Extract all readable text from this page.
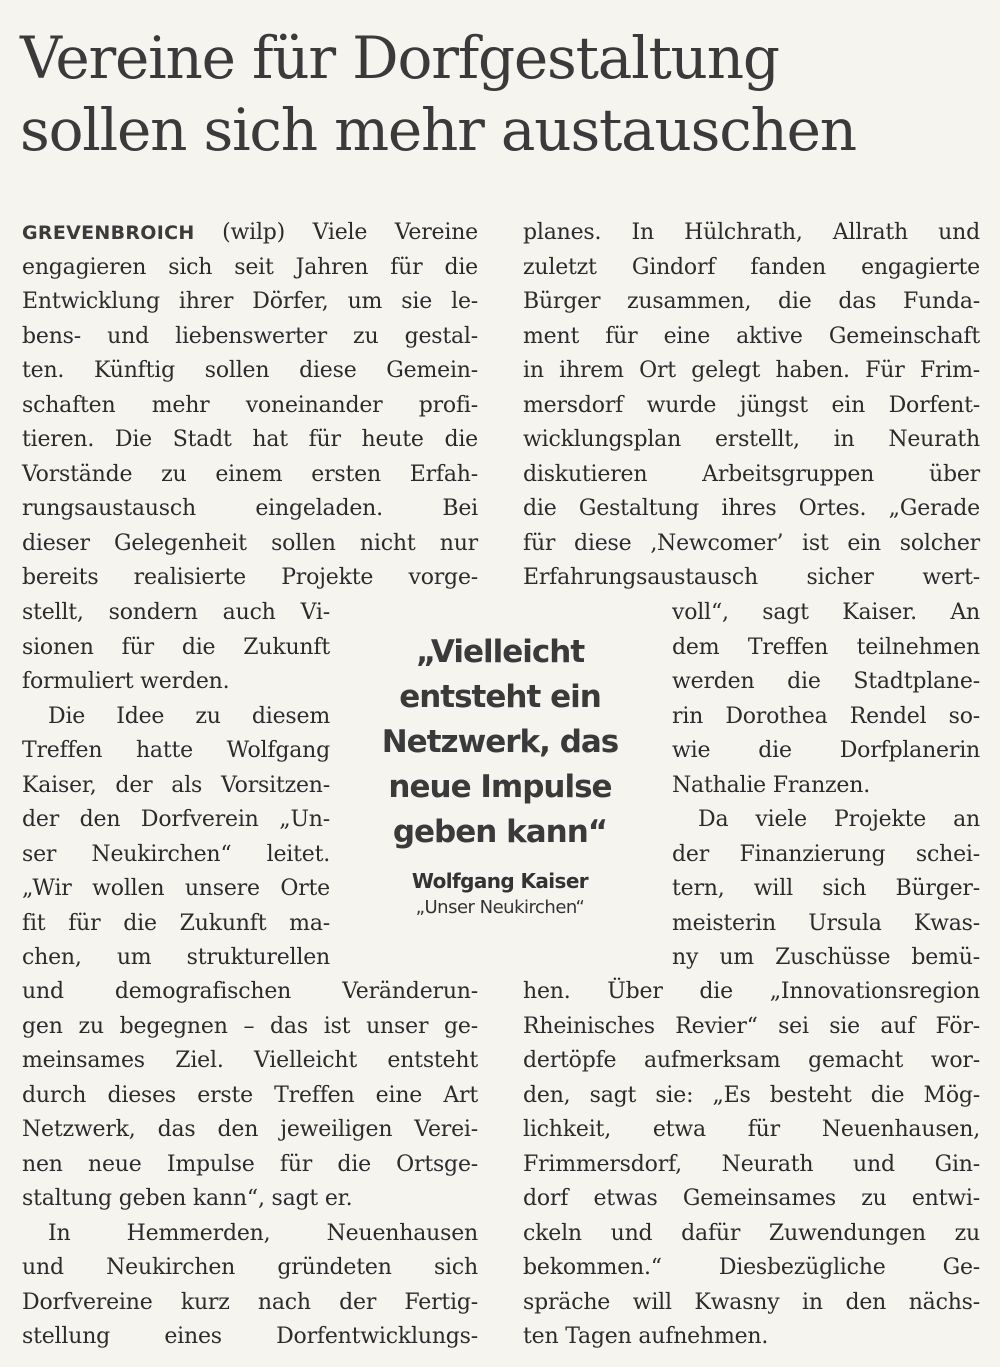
Vereine für Dorfgestaltung
sollen sich mehr austauschen
GREVENBROICH (wilp) Viele Vereine
engagieren sich seit Jahren für die
Entwicklung ihrer Dörfer, um sie le-
bens- und liebenswerter zu gestal-
ten. Künftig sollen diese Gemein-
schaften mehr voneinander profi-
tieren. Die Stadt hat für heute die
Vorstände zu einem ersten Erfah-
rungsaustausch eingeladen. Bei
dieser Gelegenheit sollen nicht nur
bereits realisierte Projekte vorge-
stellt, sondern auch Vi-
sionen für die Zukunft
formuliert werden.
Die Idee zu diesem
Treffen hatte Wolfgang
Kaiser, der als Vorsitzen-
der den Dorfverein „Un-
ser Neukirchen“ leitet.
„Wir wollen unsere Orte
fit für die Zukunft ma-
chen, um strukturellen
und demografischen Veränderun-
gen zu begegnen – das ist unser ge-
meinsames Ziel. Vielleicht entsteht
durch dieses erste Treffen eine Art
Netzwerk, das den jeweiligen Verei-
nen neue Impulse für die Ortsge-
staltung geben kann“, sagt er.
In Hemmerden, Neuenhausen
und Neukirchen gründeten sich
Dorfvereine kurz nach der Fertig-
stellung eines Dorfentwicklungs-
„Vielleicht
entsteht ein
Netzwerk, das
neue Impulse
geben kann“
Wolfgang Kaiser
„Unser Neukirchen“
planes. In Hülchrath, Allrath und
zuletzt Gindorf fanden engagierte
Bürger zusammen, die das Funda-
ment für eine aktive Gemeinschaft
in ihrem Ort gelegt haben. Für Frim-
mersdorf wurde jüngst ein Dorfent-
wicklungsplan erstellt, in Neurath
diskutieren Arbeitsgruppen über
die Gestaltung ihres Ortes. „Gerade
für diese ‚Newcomer’ ist ein solcher
Erfahrungsaustausch sicher wert-
voll“, sagt Kaiser. An
dem Treffen teilnehmen
werden die Stadtplane-
rin Dorothea Rendel so-
wie die Dorfplanerin
Nathalie Franzen.
Da viele Projekte an
der Finanzierung schei-
tern, will sich Bürger-
meisterin Ursula Kwas-
ny um Zuschüsse bemü-
hen. Über die „Innovationsregion
Rheinisches Revier“ sei sie auf För-
dertöpfe aufmerksam gemacht wor-
den, sagt sie: „Es besteht die Mög-
lichkeit, etwa für Neuenhausen,
Frimmersdorf, Neurath und Gin-
dorf etwas Gemeinsames zu entwi-
ckeln und dafür Zuwendungen zu
bekommen.“ Diesbezügliche Ge-
spräche will Kwasny in den nächs-
ten Tagen aufnehmen.
